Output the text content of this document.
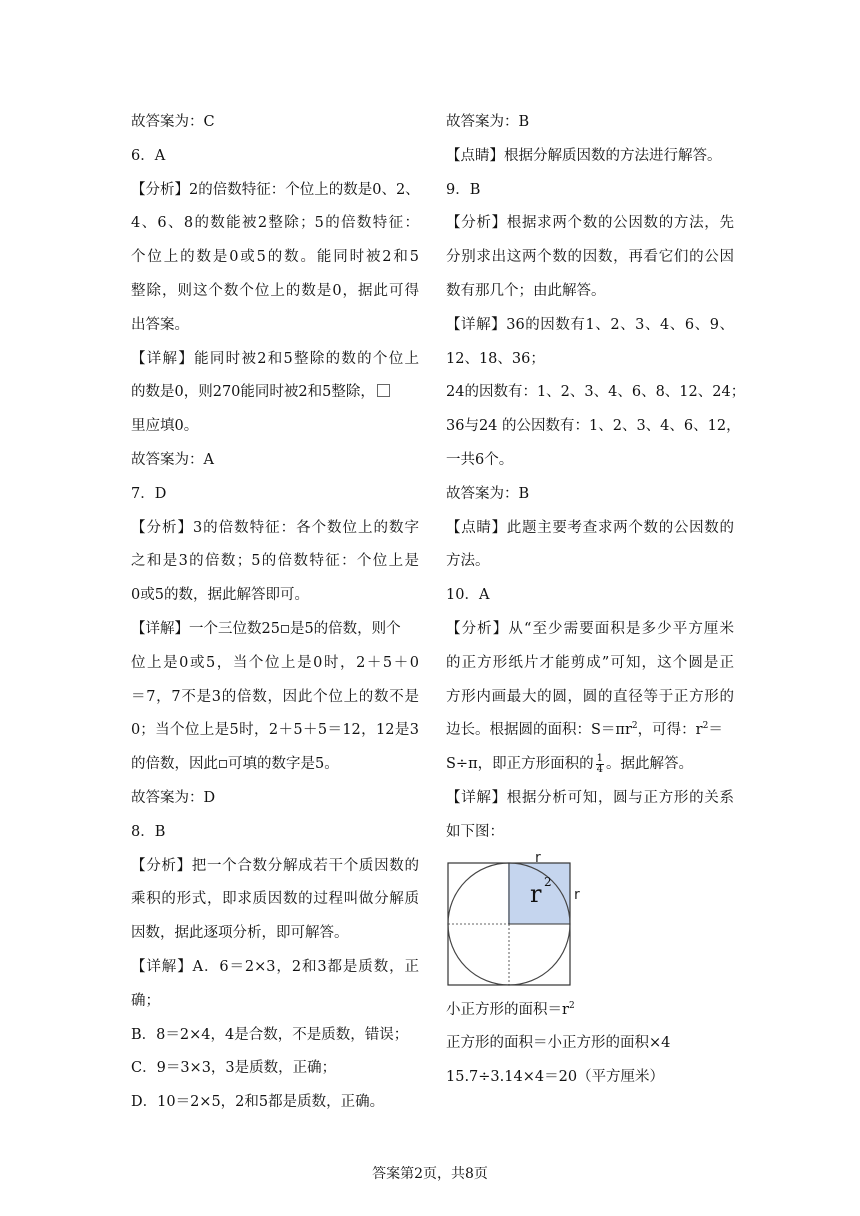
故答案为：C
6．A
【分析】2的倍数特征：个位上的数是0、2、
4、6、8的数能被2整除；5的倍数特征：
个位上的数是0或5的数。能同时被2和5
整除，则这个数个位上的数是0，据此可得
出答案。
【详解】能同时被2和5整除的数的个位上
的数是0，则270能同时被2和5整除，
里应填0。
故答案为：A
7．D
【分析】3的倍数特征：各个数位上的数字
之和是3的倍数；5的倍数特征：个位上是
0或5的数，据此解答即可。
【详解】一个三位数25 是5的倍数，则个
位上是0或5，当个位上是0时，2＋5＋0
＝7，7不是3的倍数，因此个位上的数不是
0；当个位上是5时，2＋5＋5＝12，12是3
的倍数，因此 可填的数字是5。
故答案为：D
8．B
【分析】把一个合数分解成若干个质因数的
乘积的形式，即求质因数的过程叫做分解质
因数，据此逐项分析，即可解答。
【详解】A．6＝2×3，2和3都是质数，正
确；
B．8＝2×4，4是合数，不是质数，错误；
C．9＝3×3，3是质数，正确；
D．10＝2×5，2和5都是质数，正确。
故答案为：B
【点睛】根据分解质因数的方法进行解答。
9．B
【分析】根据求两个数的公因数的方法，先
分别求出这两个数的因数，再看它们的公因
数有那几个；由此解答。
【详解】36的因数有1、2、3、4、6、9、
12、18、36；
24的因数有：1、2、3、4、6、8、12、24；
36与24 的公因数有：1、2、3、4、6、12，
一共6个。
故答案为：B
【点睛】此题主要考查求两个数的公因数的
方法。
10．A
【分析】从“至少需要面积是多少平方厘米
的正方形纸片才能剪成”可知，这个圆是正
方形内画最大的圆，圆的直径等于正方形的
边长。根据圆的面积：$S=\pi r^2$，可得：$r^2=$
S÷π，即正方形面积的 $\frac{1}{4}$ 。据此解答。
【详解】根据分析可知，圆与正方形的关系
如下图：
r
r
r 2
小正方形的面积$=r^2$
正方形的面积＝小正方形的面积×4
15.7÷3.14×4＝20（平方厘米）
答案第2页，共8页
